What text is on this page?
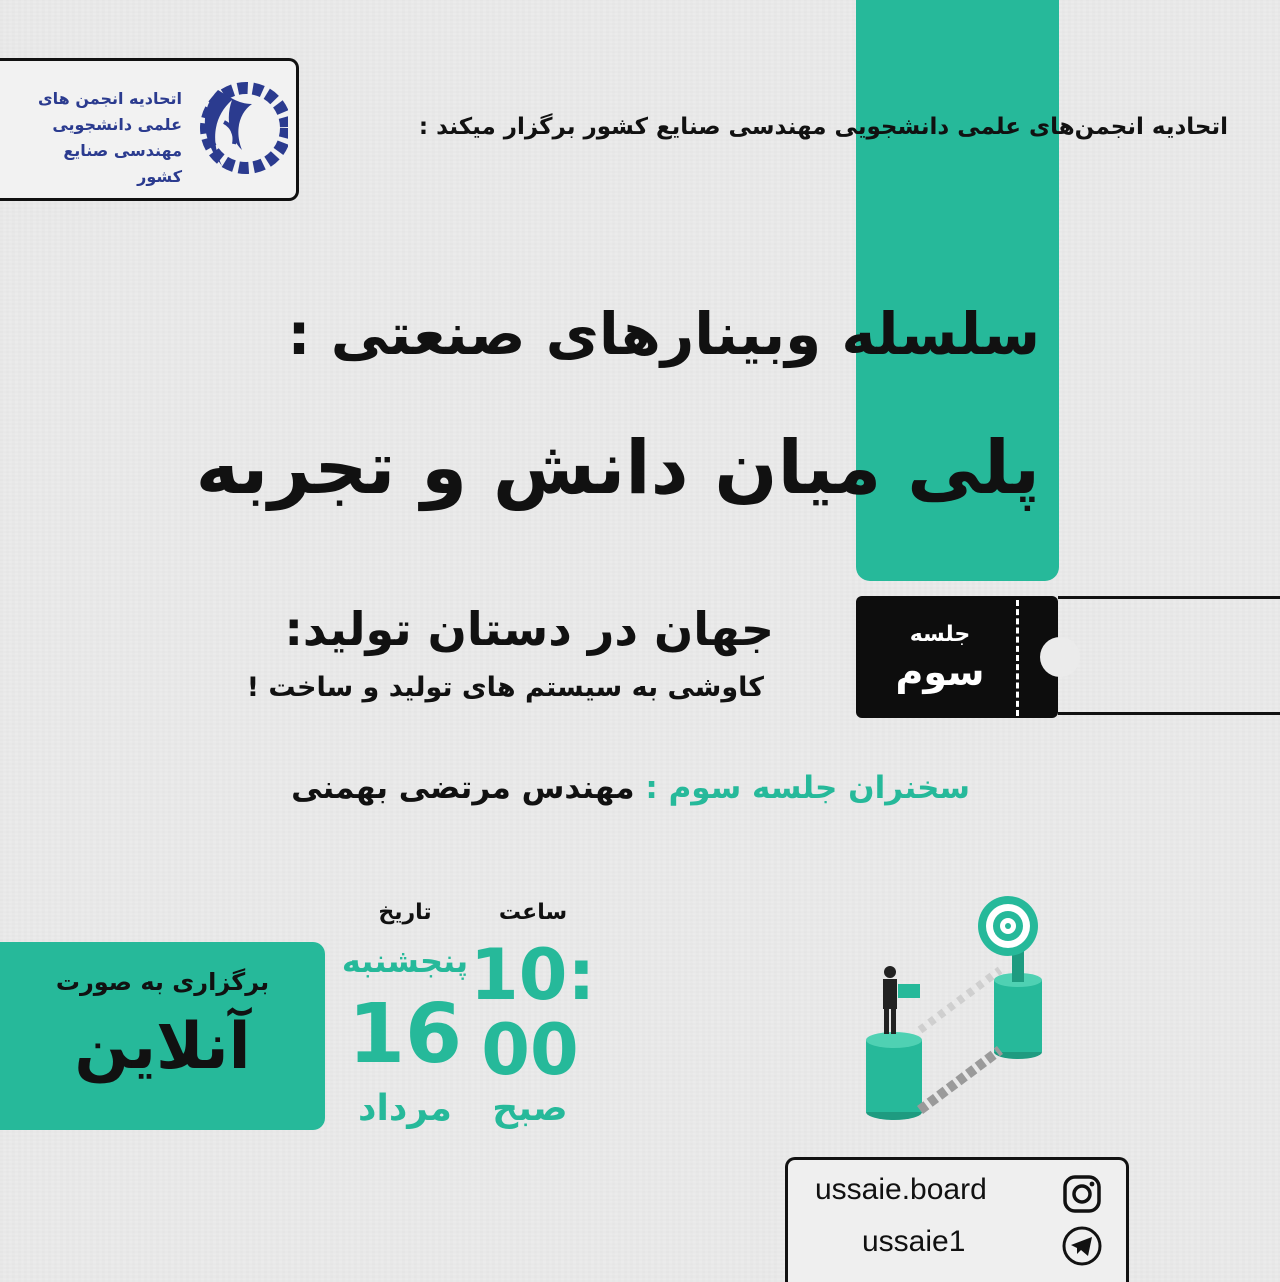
اتحادیه انجمن های
علمی دانشجویی
مهندسی صنایع کشور
اتحادیه انجمن‌های علمی دانشجویی مهندسی صنایع کشور برگزار میکند :
سلسله وبینارهای صنعتی :
پلی میان دانش و تجربه
جلسه
سوم
جهان در دستان تولید:
کاوشی به سیستم های تولید و ساخت !
سخنران جلسه سوم : مهندس مرتضی بهمنی
برگزاری به صورت
آنلاین
تاریخ
پنجشنبه
16
مرداد
ساعت
10:
00
صبح
ussaie.board
ussaie1
